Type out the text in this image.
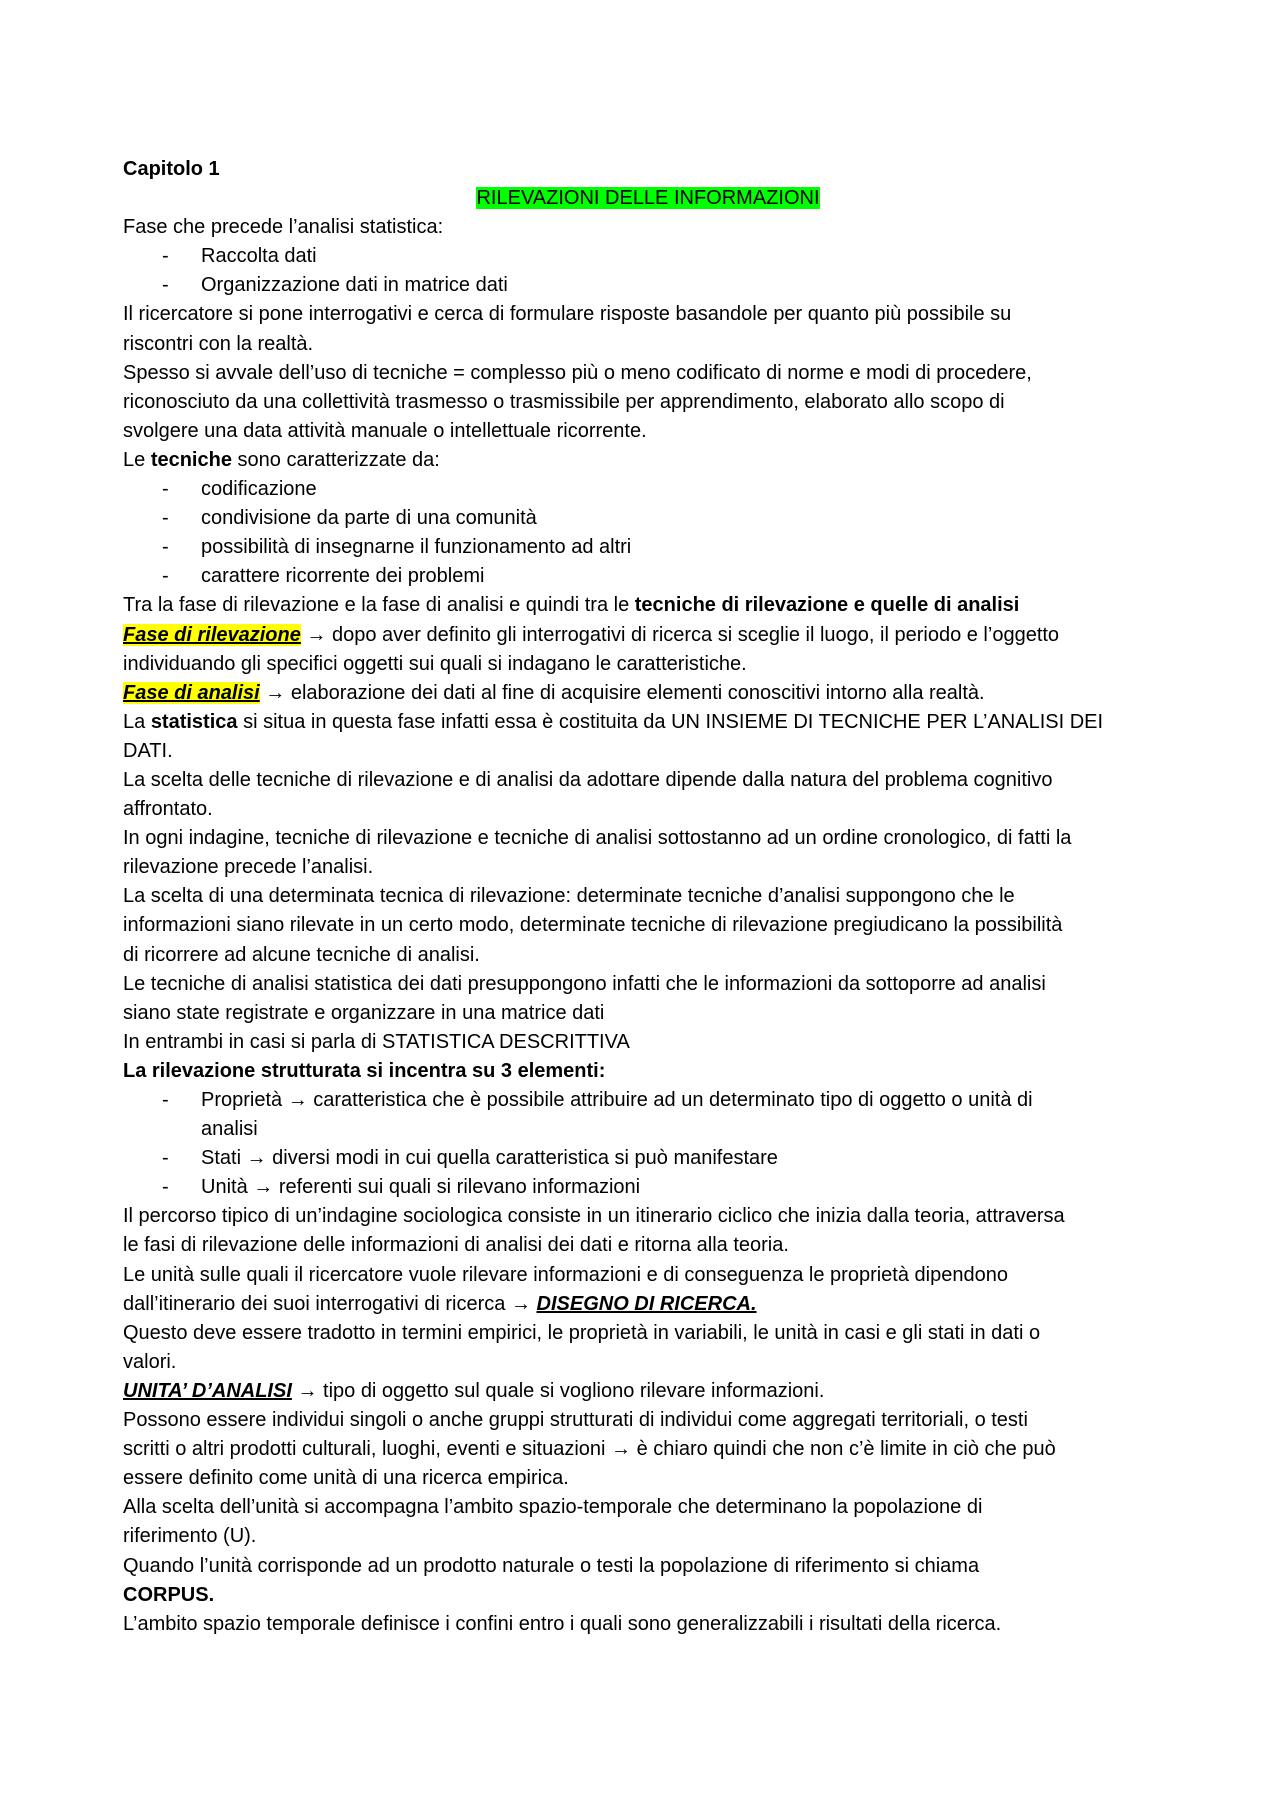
Capitolo 1
RILEVAZIONI DELLE INFORMAZIONI
Fase che precede l’analisi statistica:
- Raccolta dati
- Organizzazione dati in matrice dati
Il ricercatore si pone interrogativi e cerca di formulare risposte basandole per quanto più possibile su
riscontri con la realtà.
Spesso si avvale dell’uso di tecniche = complesso più o meno codificato di norme e modi di procedere,
riconosciuto da una collettività trasmesso o trasmissibile per apprendimento, elaborato allo scopo di
svolgere una data attività manuale o intellettuale ricorrente.
Le tecniche sono caratterizzate da:
- codificazione
- condivisione da parte di una comunità
- possibilità di insegnarne il funzionamento ad altri
- carattere ricorrente dei problemi
Tra la fase di rilevazione e la fase di analisi e quindi tra le tecniche di rilevazione e quelle di analisi
Fase di rilevazione → dopo aver definito gli interrogativi di ricerca si sceglie il luogo, il periodo e l’oggetto
individuando gli specifici oggetti sui quali si indagano le caratteristiche.
Fase di analisi → elaborazione dei dati al fine di acquisire elementi conoscitivi intorno alla realtà.
La statistica si situa in questa fase infatti essa è costituita da UN INSIEME DI TECNICHE PER L’ANALISI DEI
DATI.
La scelta delle tecniche di rilevazione e di analisi da adottare dipende dalla natura del problema cognitivo
affrontato.
In ogni indagine, tecniche di rilevazione e tecniche di analisi sottostanno ad un ordine cronologico, di fatti la
rilevazione precede l’analisi.
La scelta di una determinata tecnica di rilevazione: determinate tecniche d’analisi suppongono che le
informazioni siano rilevate in un certo modo, determinate tecniche di rilevazione pregiudicano la possibilità
di ricorrere ad alcune tecniche di analisi.
Le tecniche di analisi statistica dei dati presuppongono infatti che le informazioni da sottoporre ad analisi
siano state registrate e organizzare in una matrice dati
In entrambi in casi si parla di STATISTICA DESCRITTIVA
La rilevazione strutturata si incentra su 3 elementi:
- Proprietà → caratteristica che è possibile attribuire ad un determinato tipo di oggetto o unità di
analisi
- Stati → diversi modi in cui quella caratteristica si può manifestare
- Unità → referenti sui quali si rilevano informazioni
Il percorso tipico di un’indagine sociologica consiste in un itinerario ciclico che inizia dalla teoria, attraversa
le fasi di rilevazione delle informazioni di analisi dei dati e ritorna alla teoria.
Le unità sulle quali il ricercatore vuole rilevare informazioni e di conseguenza le proprietà dipendono
dall’itinerario dei suoi interrogativi di ricerca → DISEGNO DI RICERCA.
Questo deve essere tradotto in termini empirici, le proprietà in variabili, le unità in casi e gli stati in dati o
valori.
UNITA’ D’ANALISI → tipo di oggetto sul quale si vogliono rilevare informazioni.
Possono essere individui singoli o anche gruppi strutturati di individui come aggregati territoriali, o testi
scritti o altri prodotti culturali, luoghi, eventi e situazioni → è chiaro quindi che non c’è limite in ciò che può
essere definito come unità di una ricerca empirica.
Alla scelta dell’unità si accompagna l’ambito spazio-temporale che determinano la popolazione di
riferimento (U).
Quando l’unità corrisponde ad un prodotto naturale o testi la popolazione di riferimento si chiama
CORPUS.
L’ambito spazio temporale definisce i confini entro i quali sono generalizzabili i risultati della ricerca.
